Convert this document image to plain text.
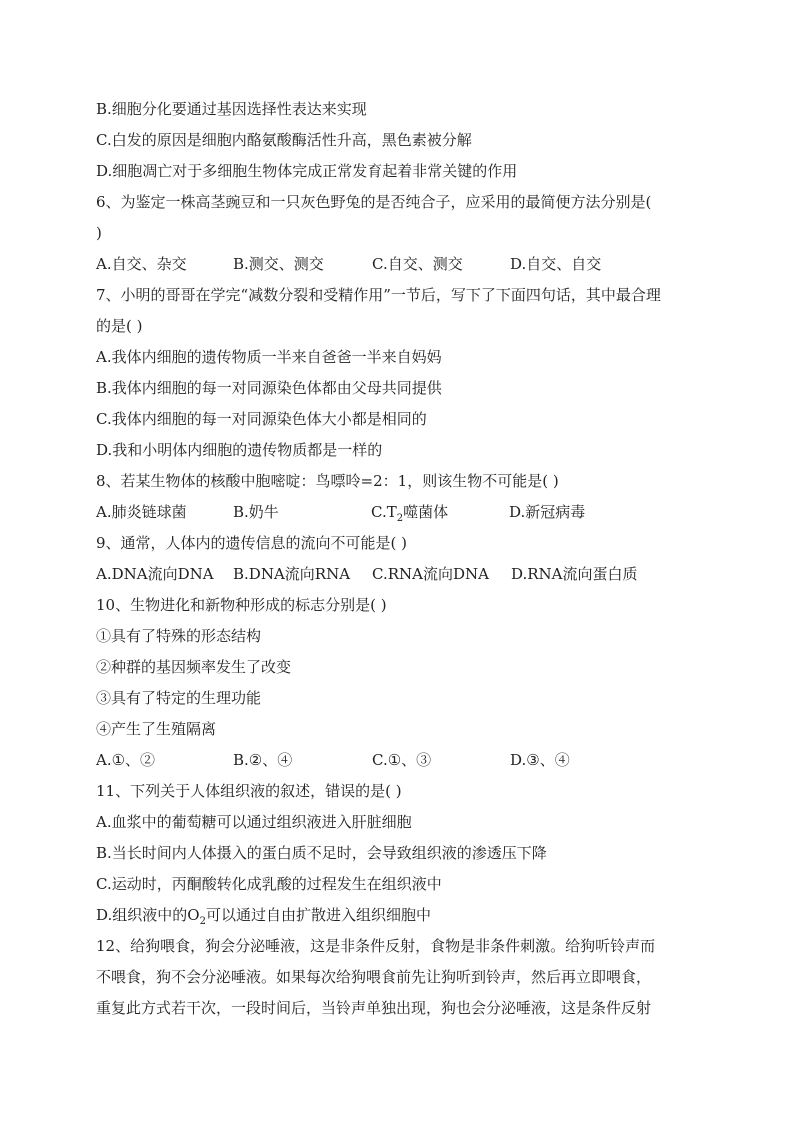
B.细胞分化要通过基因选择性表达来实现
C.白发的原因是细胞内酪氨酸酶活性升高，黑色素被分解
D.细胞凋亡对于多细胞生物体完成正常发育起着非常关键的作用
6、为鉴定一株高茎豌豆和一只灰色野兔的是否纯合子，应采用的最简便方法分别是(
)
A.自交、杂交	B.测交、测交	C.自交、测交	D.自交、自交
7、小明的哥哥在学完“减数分裂和受精作用”一节后，写下了下面四句话，其中最合理
的是( )
A.我体内细胞的遗传物质一半来自爸爸一半来自妈妈
B.我体内细胞的每一对同源染色体都由父母共同提供
C.我体内细胞的每一对同源染色体大小都是相同的
D.我和小明体内细胞的遗传物质都是一样的
8、若某生物体的核酸中胞嘧啶：鸟嘌呤=2：1，则该生物不可能是( )
A.肺炎链球菌	B.奶牛	$C.T_2$噬菌体	D.新冠病毒
9、通常，人体内的遗传信息的流向不可能是( )
A.DNA流向DNA	B.DNA流向RNA	C.RNA流向DNA	D.RNA流向蛋白质
10、生物进化和新物种形成的标志分别是( )
①具有了特殊的形态结构
②种群的基因频率发生了改变
③具有了特定的生理功能
④产生了生殖隔离
A.①、②	B.②、④	C.①、③	D.③、④
11、下列关于人体组织液的叙述，错误的是( )
A.血浆中的葡萄糖可以通过组织液进入肝脏细胞
B.当长时间内人体摄入的蛋白质不足时，会导致组织液的渗透压下降
C.运动时，丙酮酸转化成乳酸的过程发生在组织液中
D.组织液中的$O_2$可以通过自由扩散进入组织细胞中
12、给狗喂食，狗会分泌唾液，这是非条件反射，食物是非条件刺激。给狗听铃声而
不喂食，狗不会分泌唾液。如果每次给狗喂食前先让狗听到铃声，然后再立即喂食，
重复此方式若干次，一段时间后，当铃声单独出现，狗也会分泌唾液，这是条件反射
